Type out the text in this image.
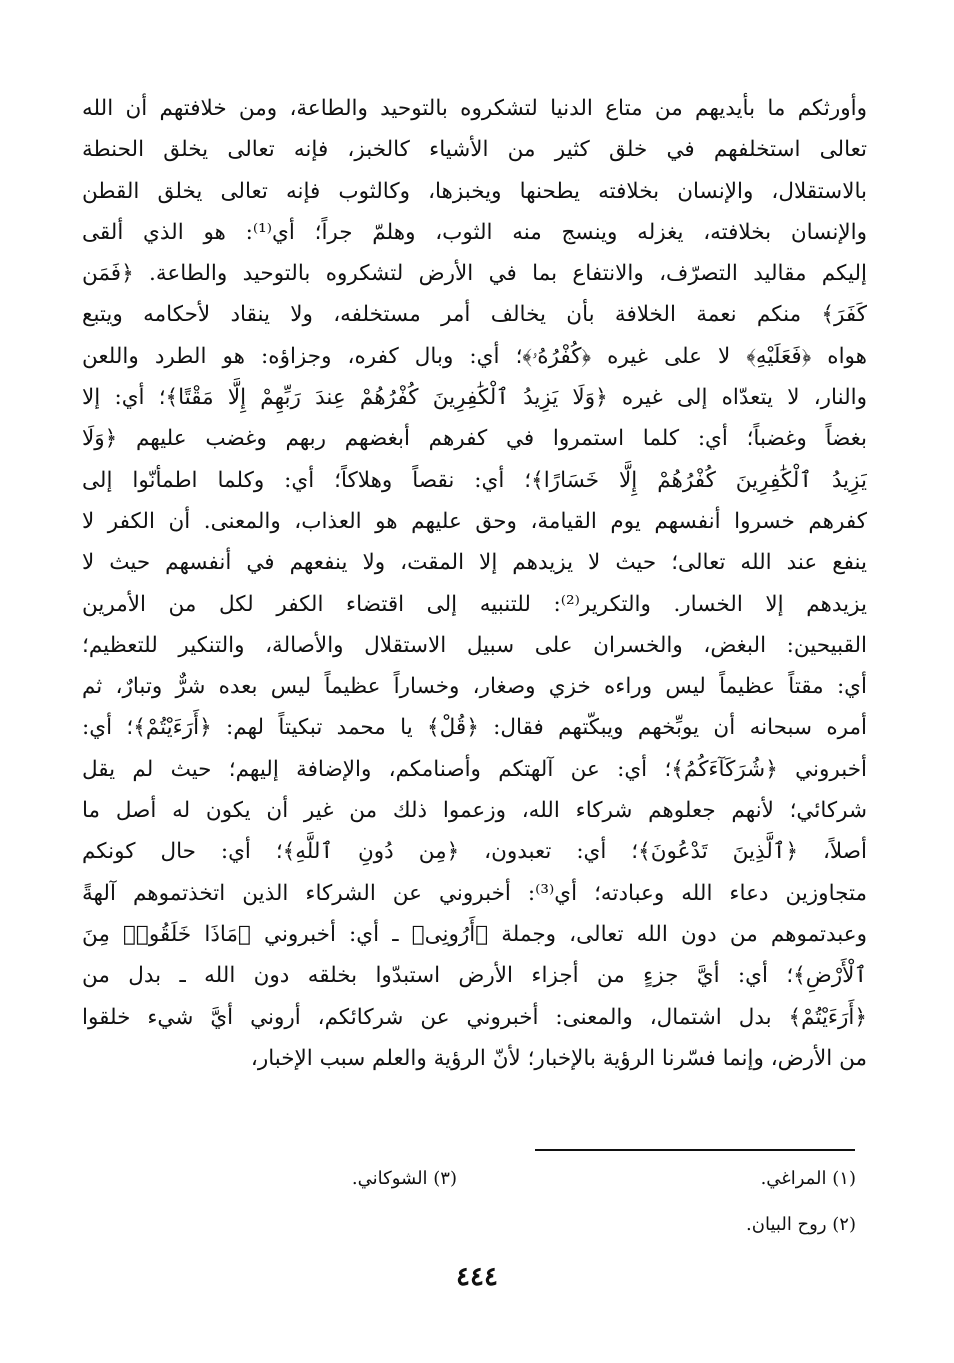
وأورثكم ما بأيديهم من متاع الدنيا لتشكروه بالتوحيد والطاعة، ومن خلافتهم أن الله
تعالى استخلفهم في خلق كثير من الأشياء كالخبز، فإنه تعالى يخلق الحنطة
بالاستقلال، والإنسان بخلافته يطحنها ويخبزها، وكالثوب فإنه تعالى يخلق القطن
والإنسان بخلافته، يغزله وينسج منه الثوب، وهلمّ جراً؛ أي⁽¹⁾: هو الذي ألقى
إليكم مقاليد التصرّف، والانتفاع بما في الأرض لتشكروه بالتوحيد والطاعة. ﴿فَمَن
كَفَرَ﴾ منكم نعمة الخلافة بأن يخالف أمر مستخلفه، ولا ينقاد لأحكامه ويتبع
هواه ﴿فَعَلَيْهِ﴾ لا على غيره ﴿كُفْرُهُۥ﴾؛ أي: وبال كفره، وجزاؤه: هو الطرد واللعن
والنار، لا يتعدّاه إلى غيره ﴿وَلَا يَزِيدُ ٱلْكَٰفِرِينَ كُفْرُهُمْ عِندَ رَبِّهِمْ إِلَّا مَقْتًا﴾؛ أي: إلا
بغضاً وغضباً؛ أي: كلما استمروا في كفرهم أبغضهم ربهم وغضب عليهم ﴿وَلَا
يَزِيدُ ٱلْكَٰفِرِينَ كُفْرُهُمْ إِلَّا خَسَارًا﴾؛ أي: نقصاً وهلاكاً؛ أي: وكلما اطمأنّوا إلى
كفرهم خسروا أنفسهم يوم القيامة، وحق عليهم هو العذاب، والمعنى. أن الكفر لا
ينفع عند الله تعالى؛ حيث لا يزيدهم إلا المقت، ولا ينفعهم في أنفسهم حيث لا
يزيدهم إلا الخسار. والتكرير⁽²⁾: للتنبيه إلى اقتضاء الكفر لكل من الأمرين
القبيحين: البغض، والخسران على سبيل الاستقلال والأصالة، والتنكير للتعظيم؛
أي: مقتاً عظيماً ليس وراءه خزي وصغار، وخساراً عظيماً ليس بعده شرٌّ وتبارٌ، ثم
أمره سبحانه أن يوبِّخهم ويبكّتهم فقال: ﴿قُلْ﴾ يا محمد تبكيتاً لهم: ﴿أَرَءَيْتُمْ﴾؛ أي:
أخبروني ﴿شُرَكَآءَكُمُ﴾؛ أي: عن آلهتكم وأصنامكم، والإضافة إليهم؛ حيث لم يقل
شركائي؛ لأنهم جعلوهم شركاء الله، وزعموا ذلك من غير أن يكون له أصل ما
أصلاً، ﴿ٱلَّذِينَ تَدْعُونَ﴾؛ أي: تعبدون، ﴿مِن دُونِ ٱللَّهِ﴾؛ أي: حال كونكم
متجاوزين دعاء الله وعبادته؛ أي⁽³⁾: أخبروني عن الشركاء الذين اتخذتموهم آلهةً
وعبدتموهم من دون الله تعالى، وجملة ﴿أَرُونِى﴾ ـ أي: أخبروني ﴿مَاذَا خَلَقُوا۟ مِنَ
ٱلْأَرْضِ﴾؛ أي: أيَّ جزءٍ من أجزاء الأرض استبدّوا بخلقه دون الله ـ بدل من
﴿أَرَءَيْتُمْ﴾ بدل اشتمال، والمعنى: أخبروني عن شركائكم، أروني أيَّ شيء خلقوا
من الأرض، وإنما فسّرنا الرؤية بالإخبار؛ لأنّ الرؤية والعلم سبب الإخبار،
(١) المراغي.
(٣) الشوكاني.
(٢) روح البيان.
٤٤٤
